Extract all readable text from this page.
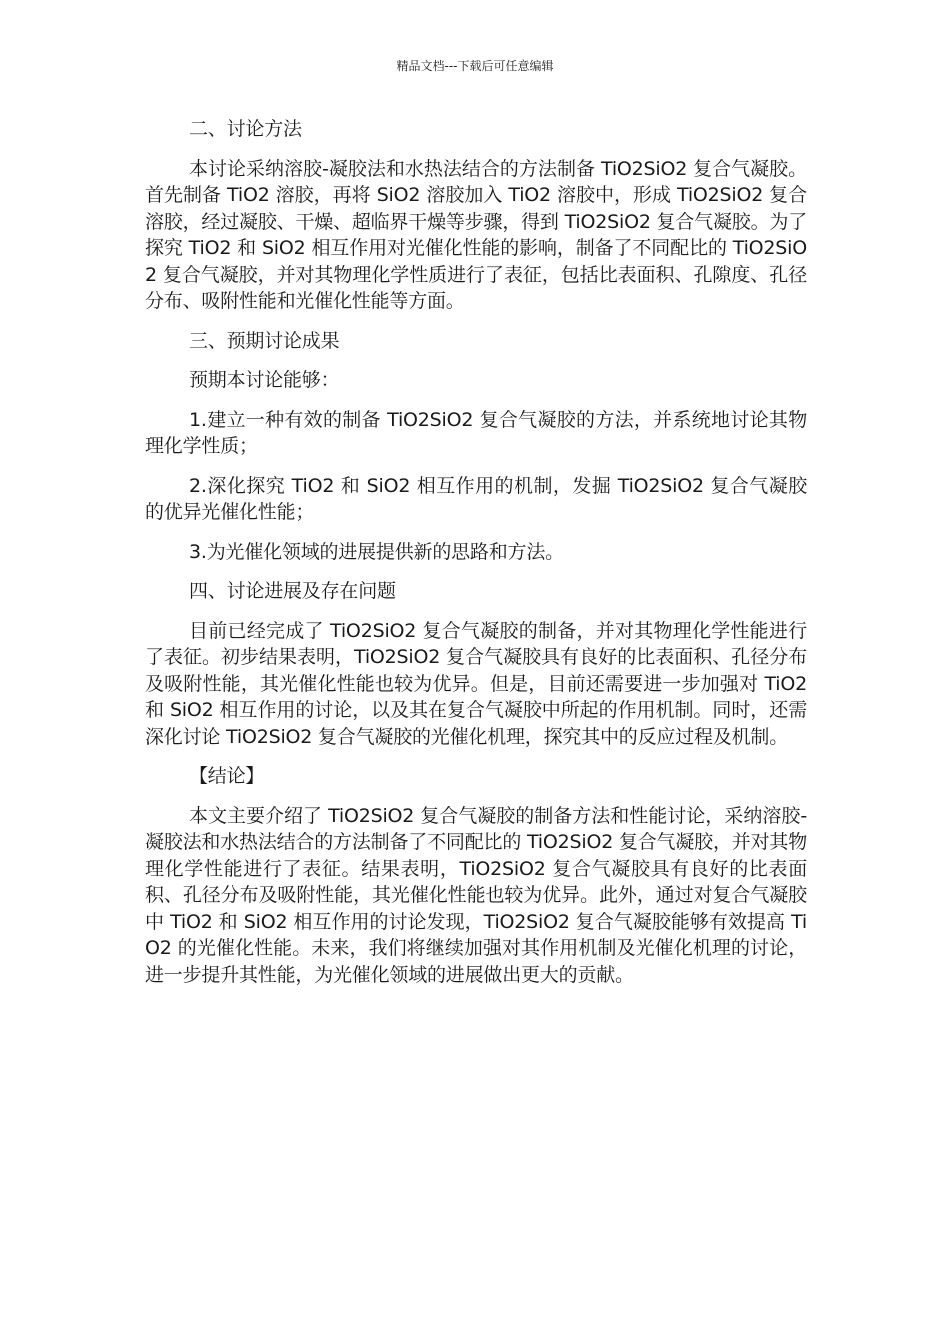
精品文档---下载后可任意编辑

二、讨论方法

本讨论采纳溶胶-凝胶法和水热法结合的方法制备 TiO2SiO2 复合气凝胶。首先制备 TiO2 溶胶，再将 SiO2 溶胶加入 TiO2 溶胶中，形成 TiO2SiO2 复合溶胶，经过凝胶、干燥、超临界干燥等步骤，得到 TiO2SiO2 复合气凝胶。为了探究 TiO2 和 SiO2 相互作用对光催化性能的影响，制备了不同配比的 TiO2SiO2 复合气凝胶，并对其物理化学性质进行了表征，包括比表面积、孔隙度、孔径分布、吸附性能和光催化性能等方面。

三、预期讨论成果

预期本讨论能够：

1.建立一种有效的制备 TiO2SiO2 复合气凝胶的方法，并系统地讨论其物理化学性质；

2.深化探究 TiO2 和 SiO2 相互作用的机制，发掘 TiO2SiO2 复合气凝胶的优异光催化性能；

3.为光催化领域的进展提供新的思路和方法。

四、讨论进展及存在问题

目前已经完成了 TiO2SiO2 复合气凝胶的制备，并对其物理化学性能进行了表征。初步结果表明，TiO2SiO2 复合气凝胶具有良好的比表面积、孔径分布及吸附性能，其光催化性能也较为优异。但是，目前还需要进一步加强对 TiO2 和 SiO2 相互作用的讨论，以及其在复合气凝胶中所起的作用机制。同时，还需深化讨论 TiO2SiO2 复合气凝胶的光催化机理，探究其中的反应过程及机制。

【结论】

本文主要介绍了 TiO2SiO2 复合气凝胶的制备方法和性能讨论，采纳溶胶-凝胶法和水热法结合的方法制备了不同配比的 TiO2SiO2 复合气凝胶，并对其物理化学性能进行了表征。结果表明，TiO2SiO2 复合气凝胶具有良好的比表面积、孔径分布及吸附性能，其光催化性能也较为优异。此外，通过对复合气凝胶中 TiO2 和 SiO2 相互作用的讨论发现，TiO2SiO2 复合气凝胶能够有效提高 TiO2 的光催化性能。未来，我们将继续加强对其作用机制及光催化机理的讨论，进一步提升其性能，为光催化领域的进展做出更大的贡献。
